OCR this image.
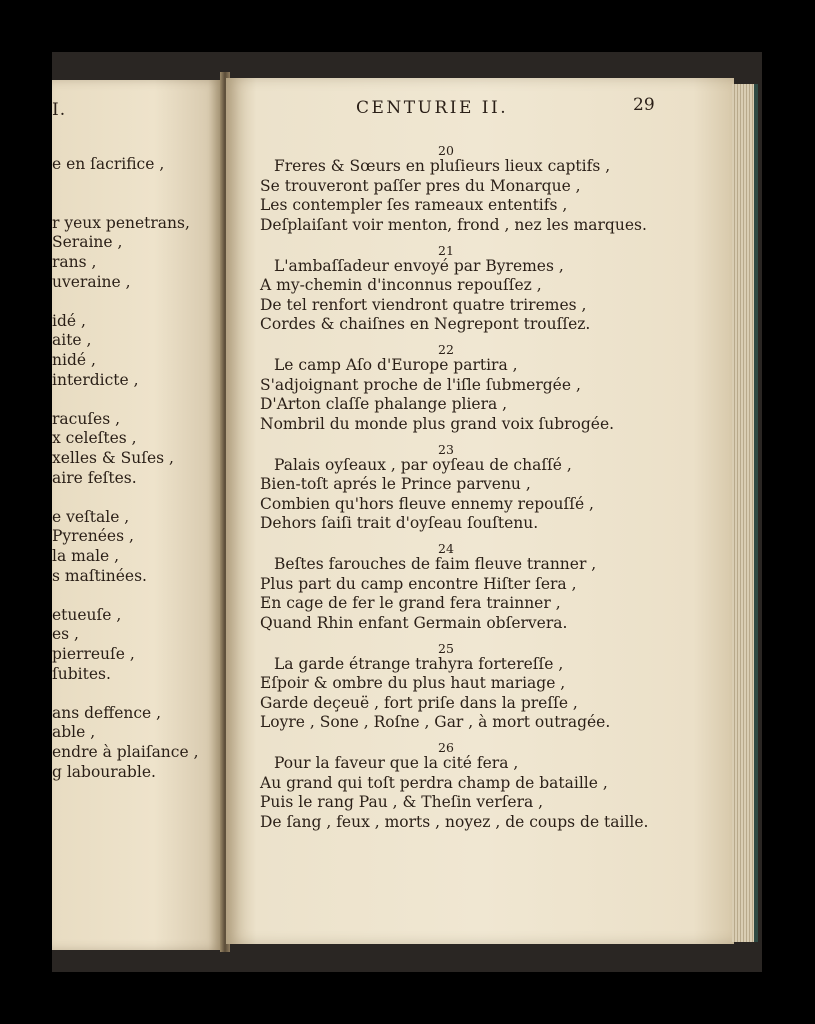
I.
e en ſacrifice ,
r yeux penetrans,
Seraine ,
rans ,
uveraine ,
idé ,
aite ,
nidé ,
interdicte ,
racuſes ,
x celeſtes ,
xelles & Suſes ,
aire feſtes.
e veſtale ,
Pyrenées ,
la male ,
s maſtinées.
etueuſe ,
es ,
pierreuſe ,
ſubites.
ans deffence ,
able ,
endre à plaiſance ,
g labourable.
CENTURIE II.	29
20
Freres & Sœurs en pluſieurs lieux captifs ,
Se trouveront paſſer pres du Monarque ,
Les contempler ſes rameaux ententifs ,
Deſplaiſant voir menton, frond , nez les marques.
21
L'ambaſſadeur envoyé par Byremes ,
A my-chemin d'inconnus repouſſez ,
De tel renfort viendront quatre triremes ,
Cordes & chaiſnes en Negrepont trouſſez.
22
Le camp Aſo d'Europe partira ,
S'adjoignant proche de l'iſle ſubmergée ,
D'Arton claſſe phalange pliera ,
Nombril du monde plus grand voix ſubrogée.
23
Palais oyſeaux , par oyſeau de chaſſé ,
Bien-toſt aprés le Prince parvenu ,
Combien qu'hors fleuve ennemy repouſſé ,
Dehors ſaiſi trait d'oyſeau ſouſtenu.
24
Beſtes farouches de faim fleuve tranner ,
Plus part du camp encontre Hiſter ſera ,
En cage de fer le grand fera trainner ,
Quand Rhin enfant Germain obſervera.
25
La garde étrange trahyra fortereſſe ,
Eſpoir & ombre du plus haut mariage ,
Garde deçeuë , fort priſe dans la preſſe ,
Loyre , Sone , Roſne , Gar , à mort outragée.
26
Pour la faveur que la cité fera ,
Au grand qui toſt perdra champ de bataille ,
Puis le rang Pau , & Theſin verſera ,
De ſang , feux , morts , noyez , de coups de taille.
